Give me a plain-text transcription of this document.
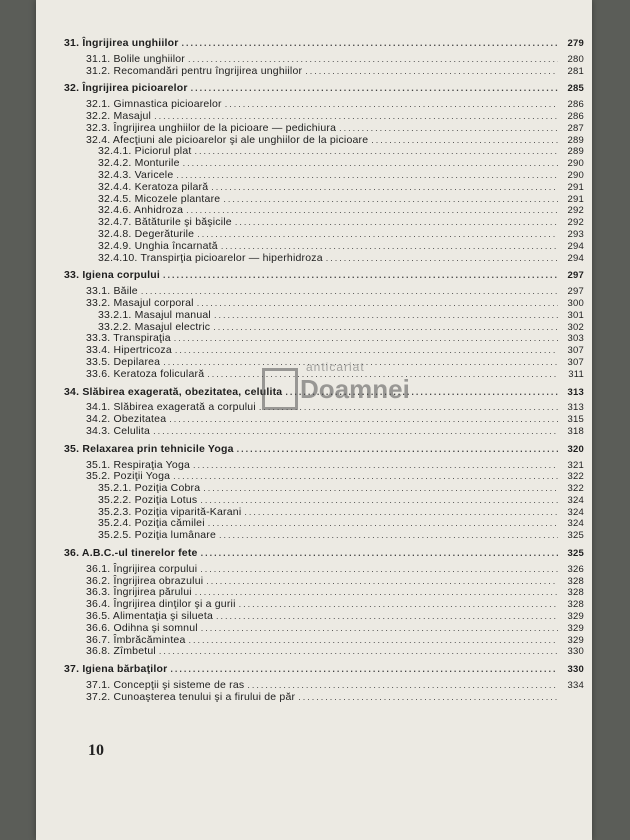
31. Îngrijirea unghiilor .....	279
31.1. Bolile unghiilor .....	280
31.2. Recomandări pentru îngrijirea unghiilor .....	281
32. Îngrijirea picioarelor .....	285
32.1. Gimnastica picioarelor .....	286
32.2. Masajul .....	286
32.3. Îngrijirea unghiilor de la picioare — pedichiura .....	287
32.4. Afecţiuni ale picioarelor şi ale unghiilor de la picioare .....	289
32.4.1. Piciorul plat .....	289
32.4.2. Monturile .....	290
32.4.3. Varicele .....	290
32.4.4. Keratoza pilară .....	291
32.4.5. Micozele plantare .....	291
32.4.6. Anhidroza .....	292
32.4.7. Bătăturile şi băşicile .....	292
32.4.8. Degerăturile .....	293
32.4.9. Unghia încarnată .....	294
32.4.10. Transpirţia picioarelor — hiperhidroza .....	294
33. Igiena corpului .....	297
33.1. Băile .....	297
33.2. Masajul corporal .....	300
33.2.1. Masajul manual .....	301
33.2.2. Masajul electric .....	302
33.3. Transpiraţia .....	303
33.4. Hipertricoza .....	307
33.5. Depilarea .....	307
33.6. Keratoza foliculară .....	311
34. Slăbirea exagerată, obezitatea, celulita .....	313
34.1. Slăbirea exagerată a corpului .....	313
34.2. Obezitatea .....	315
34.3. Celulita .....	318
35. Relaxarea prin tehnicile Yoga .....	320
35.1. Respiraţia Yoga .....	321
35.2. Poziţii Yoga .....	322
35.2.1. Poziţia Cobra .....	322
35.2.2. Poziţia Lotus .....	324
35.2.3. Poziţia viparită-Karani .....	324
35.2.4. Poziţia cămilei .....	324
35.2.5. Poziţia lumânare .....	325
36. A.B.C.-ul tinerelor fete .....	325
36.1. Îngrijirea corpului .....	326
36.2. Îngrijirea obrazului .....	328
36.3. Îngrijirea părului .....	328
36.4. Îngrijirea dinţilor şi a gurii .....	328
36.5. Alimentaţia şi silueta .....	329
36.6. Odihna şi somnul .....	329
36.7. Îmbrăcămintea .....	329
36.8. Zîmbetul .....	330
37. Igiena bărbaţilor .....	330
37.1. Concepţii şi sisteme de ras .....	334
37.2. Cunoaşterea tenului şi a firului de păr
.....
anticariat
Doamnei
10
